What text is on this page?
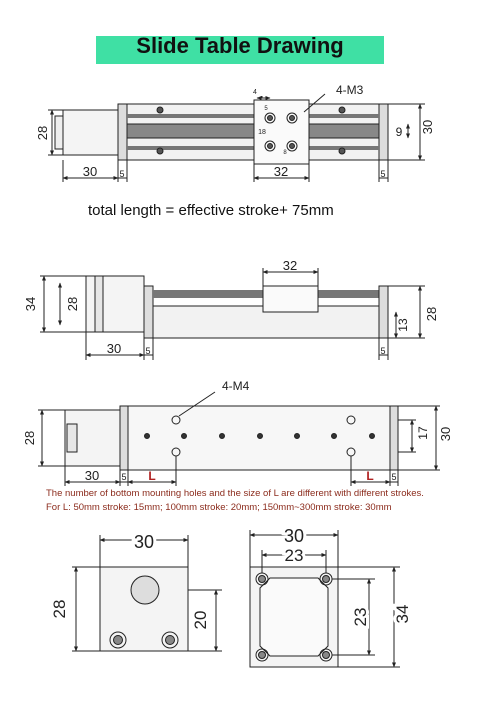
Slide Table Drawing
4-M3
28
30 5	32	5
9 30
4
5
18
8
32
34 28
30	5	5
13
28
4-M4
28
30 5 L	L 5
17 30
30
28
20
30
23
23 34
total length = effective stroke+ 75mm
The number of bottom mounting holes and the size of L are different with different strokes.
For L: 50mm stroke: 15mm; 100mm stroke: 20mm; 150mm~300mm stroke: 30mm
